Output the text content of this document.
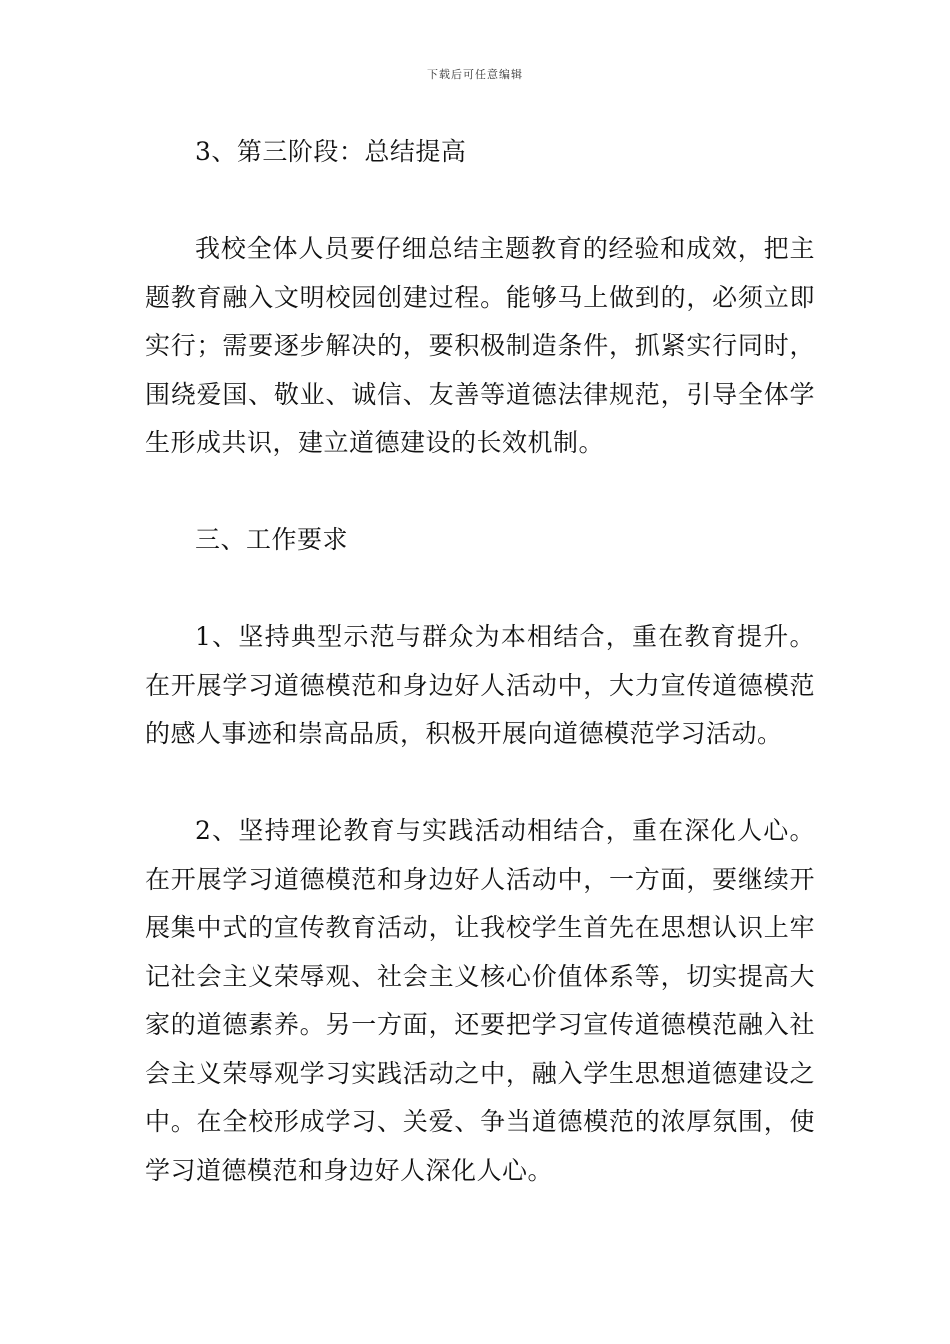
下载后可任意编辑

3、第三阶段：总结提高

我校全体人员要仔细总结主题教育的经验和成效，把主题教育融入文明校园创建过程。能够马上做到的，必须立即实行；需要逐步解决的，要积极制造条件，抓紧实行同时，围绕爱国、敬业、诚信、友善等道德法律规范，引导全体学生形成共识，建立道德建设的长效机制。

三、工作要求

1、坚持典型示范与群众为本相结合，重在教育提升。在开展学习道德模范和身边好人活动中，大力宣传道德模范的感人事迹和崇高品质，积极开展向道德模范学习活动。

2、坚持理论教育与实践活动相结合，重在深化人心。在开展学习道德模范和身边好人活动中，一方面，要继续开展集中式的宣传教育活动，让我校学生首先在思想认识上牢记社会主义荣辱观、社会主义核心价值体系等，切实提高大家的道德素养。另一方面，还要把学习宣传道德模范融入社会主义荣辱观学习实践活动之中，融入学生思想道德建设之中。在全校形成学习、关爱、争当道德模范的浓厚氛围，使学习道德模范和身边好人深化人心。
